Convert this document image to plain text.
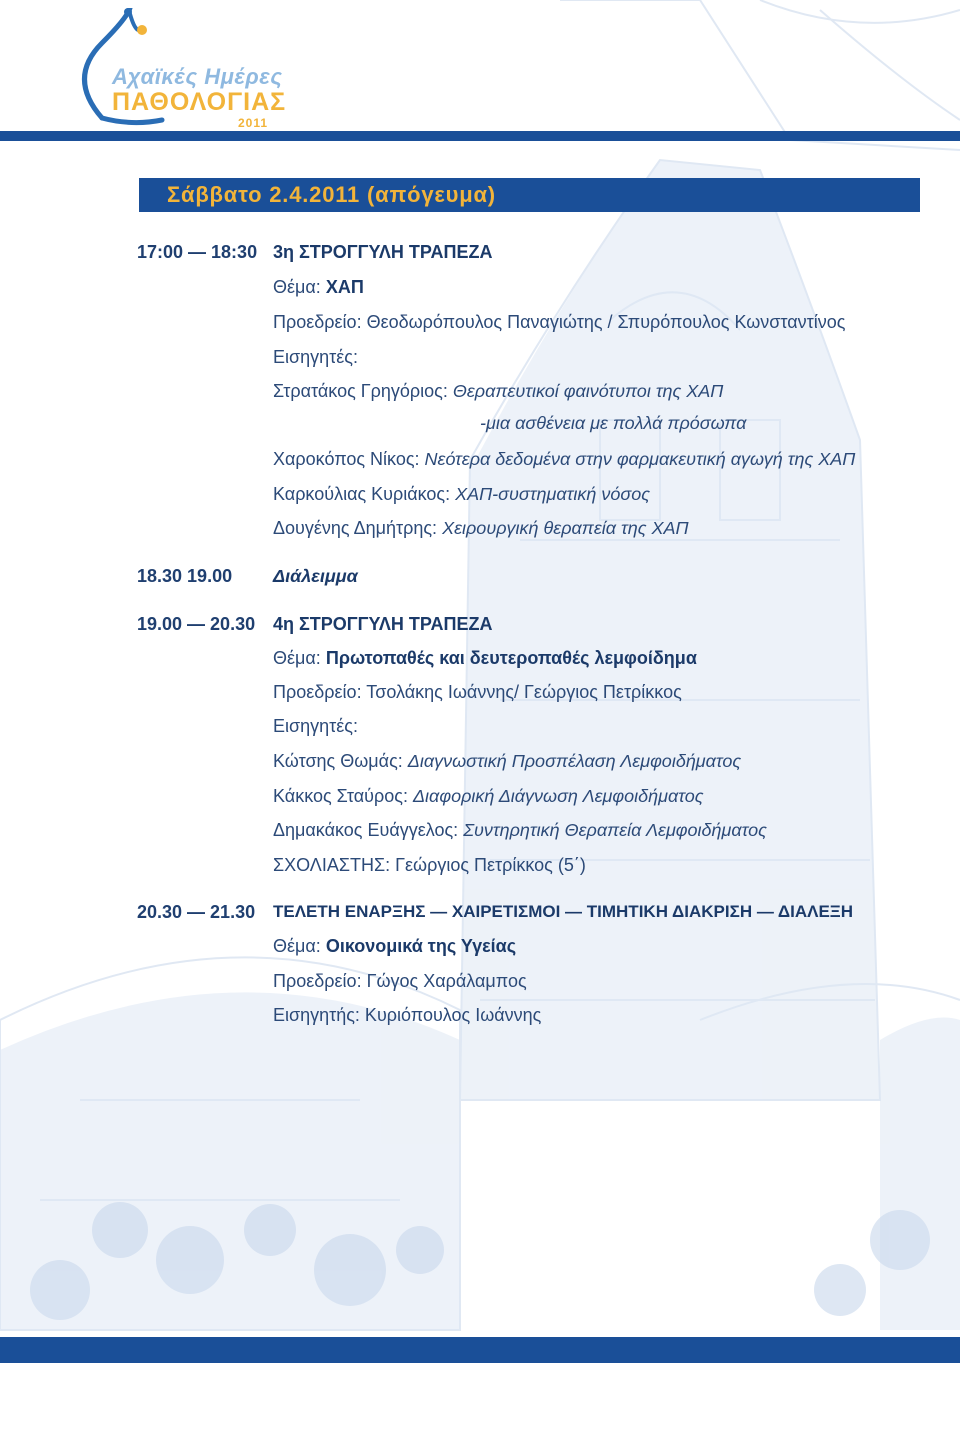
Αχαϊκές Ημέρες
ΠΑΘΟΛΟΓΙΑΣ
2011
Σάββατο 2.4.2011 (απόγευμα)
17:00 — 18:30 3η ΣΤΡΟΓΓΥΛΗ ΤΡΑΠΕΖΑ
Θέμα: ΧΑΠ
Προεδρείο: Θεοδωρόπουλος Παναγιώτης / Σπυρόπουλος Κωνσταντίνος
Εισηγητές:
Στρατάκος Γρηγόριος: Θεραπευτικοί φαινότυποι της ΧΑΠ
-μια ασθένεια με πολλά πρόσωπα
Χαροκόπος Νίκος: Νεότερα δεδομένα στην φαρμακευτική αγωγή της ΧΑΠ
Καρκούλιας Κυριάκος: ΧΑΠ-συστηματική νόσος
Δουγένης Δημήτρης: Χειρουργική θεραπεία της ΧΑΠ
18.30 19.00 Διάλειμμα
19.00 — 20.30 4η ΣΤΡΟΓΓΥΛΗ ΤΡΑΠΕΖΑ
Θέμα: Πρωτοπαθές και δευτεροπαθές λεμφοίδημα
Προεδρείο: Τσολάκης Ιωάννης/ Γεώργιος Πετρίκκος
Εισηγητές:
Κώτσης Θωμάς: Διαγνωστική Προσπέλαση Λεμφοιδήματος
Κάκκος Σταύρος: Διαφορική Διάγνωση Λεμφοιδήματος
Δημακάκος Ευάγγελος: Συντηρητική Θεραπεία Λεμφοιδήματος
ΣΧΟΛΙΑΣΤΗΣ: Γεώργιος Πετρίκκος (5΄)
20.30 — 21.30 ΤΕΛΕΤΗ ΕΝΑΡΞΗΣ — ΧΑΙΡΕΤΙΣΜΟΙ — ΤΙΜΗΤΙΚΗ ΔΙΑΚΡΙΣΗ — ΔΙΑΛΕΞΗ
Θέμα: Οικονομικά της Υγείας
Προεδρείο: Γώγος Χαράλαμπος
Εισηγητής: Κυριόπουλος Ιωάννης
